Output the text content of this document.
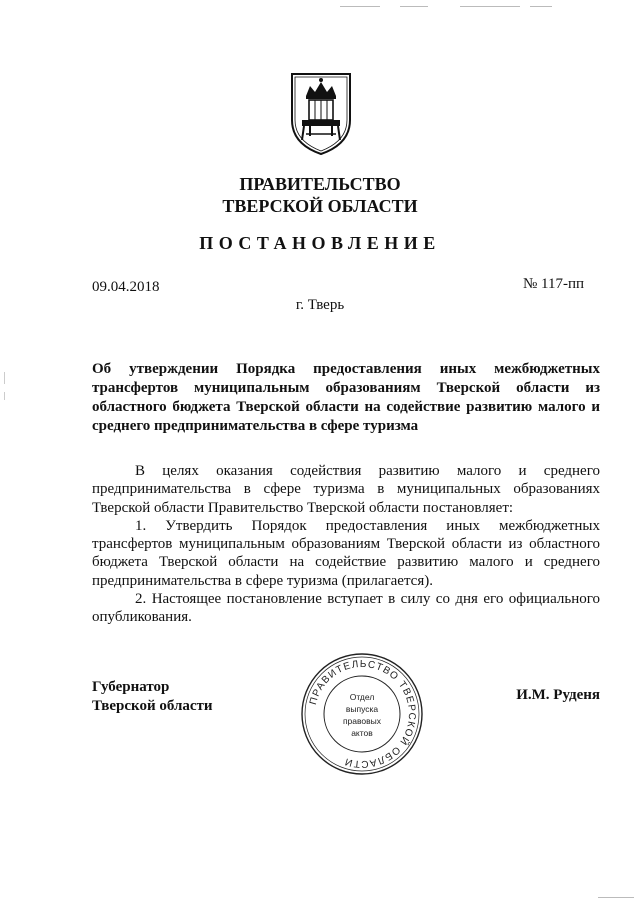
ПРАВИТЕЛЬСТВО
ТВЕРСКОЙ ОБЛАСТИ
ПОСТАНОВЛЕНИЕ
09.04.2018	№ 117-пп
г. Тверь
Об утверждении Порядка предоставления иных межбюджетных трансфертов муниципальным образованиям Тверской области из областного бюджета Тверской области на содействие развитию малого и среднего предпринимательства в сфере туризма

В целях оказания содействия развитию малого и среднего предпринимательства в сфере туризма в муниципальных образованиях Тверской области Правительство Тверской области постановляет:

1. Утвердить Порядок предоставления иных межбюджетных трансфертов муниципальным образованиям Тверской области из областного бюджета Тверской области на содействие развитию малого и среднего предпринимательства в сфере туризма (прилагается).

2. Настоящее постановление вступает в силу со дня его официального опубликования.

Губернатор
Тверской области
И.М. Руденя
ПРАВИТЕЛЬСТВО ТВЕРСКОЙ ОБЛАСТИ
Отдел
выпуска
правовых
актов
